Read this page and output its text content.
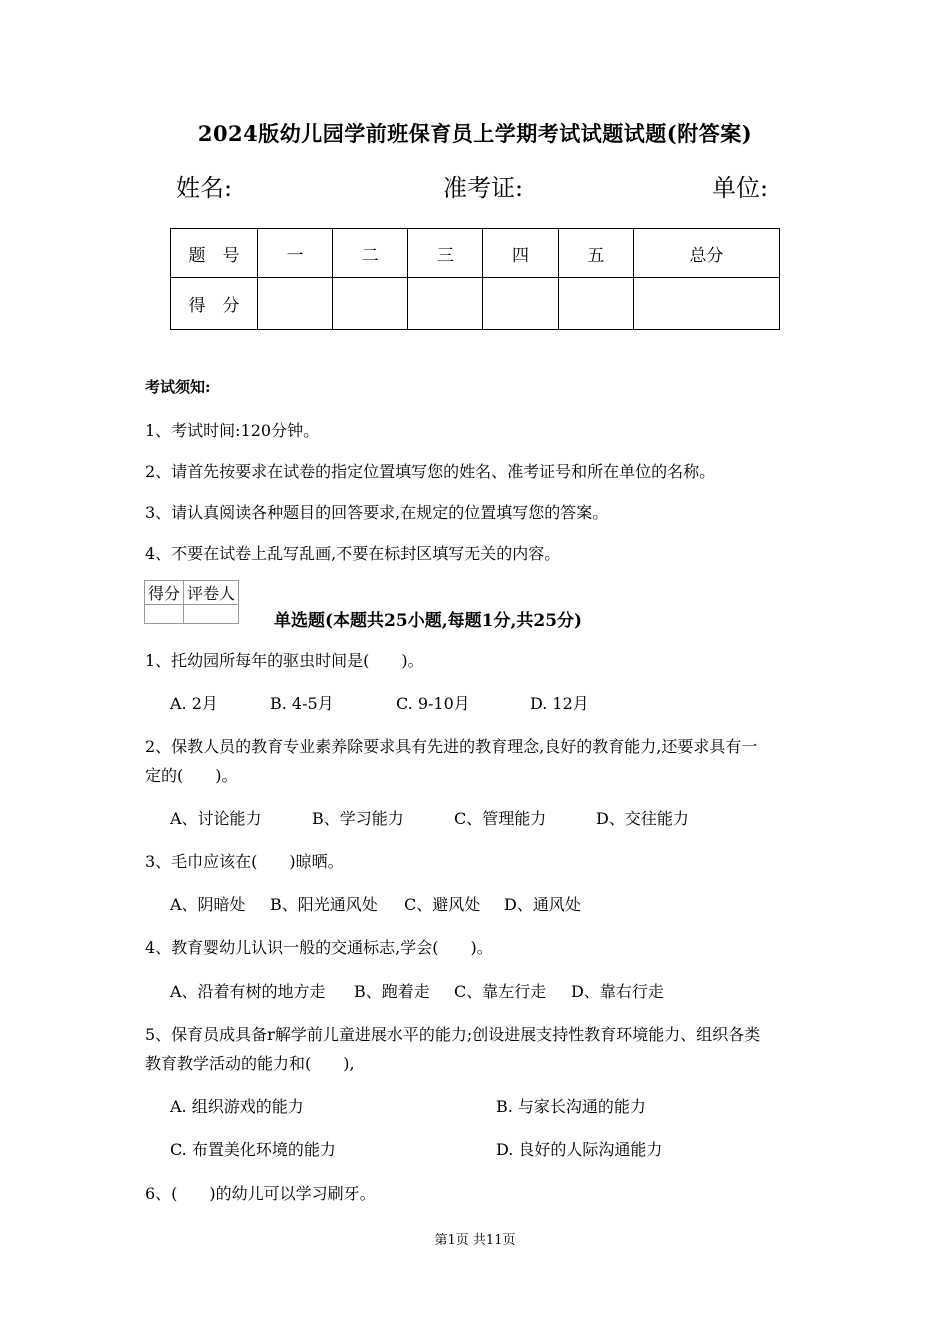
2024版幼儿园学前班保育员上学期考试试题试题(附答案)
姓名:	准考证:	单位:
题　号	一	二	三	四	五	总分
得　分						
考试须知:
1、考试时间:120分钟。
2、请首先按要求在试卷的指定位置填写您的姓名、准考证号和所在单位的名称。
3、请认真阅读各种题目的回答要求,在规定的位置填写您的答案。
4、不要在试卷上乱写乱画,不要在标封区填写无关的内容。
得分	评卷人

单选题(本题共25小题,每题1分,共25分)
1、托幼园所每年的驱虫时间是(　　)。
A. 2月	B. 4-5月	C. 9-10月	D. 12月
2、保教人员的教育专业素养除要求具有先进的教育理念,良好的教育能力,还要求具有一
定的(　　)。
A、讨论能力	B、学习能力	C、管理能力	D、交往能力
3、毛巾应该在(　　)晾晒。
A、阴暗处 B、阳光通风处 C、避风处 D、通风处
4、教育婴幼儿认识一般的交通标志,学会(　　)。
A、沿着有树的地方走 B、跑着走 C、靠左行走 D、靠右行走
5、保育员成具备r解学前儿童进展水平的能力;创设进展支持性教育环境能力、组织各类
教育教学活动的能力和(　　),
A. 组织游戏的能力	B. 与家长沟通的能力
C. 布置美化环境的能力	D. 良好的人际沟通能力
6、(　　)的幼儿可以学习刷牙。
第1页 共11页
